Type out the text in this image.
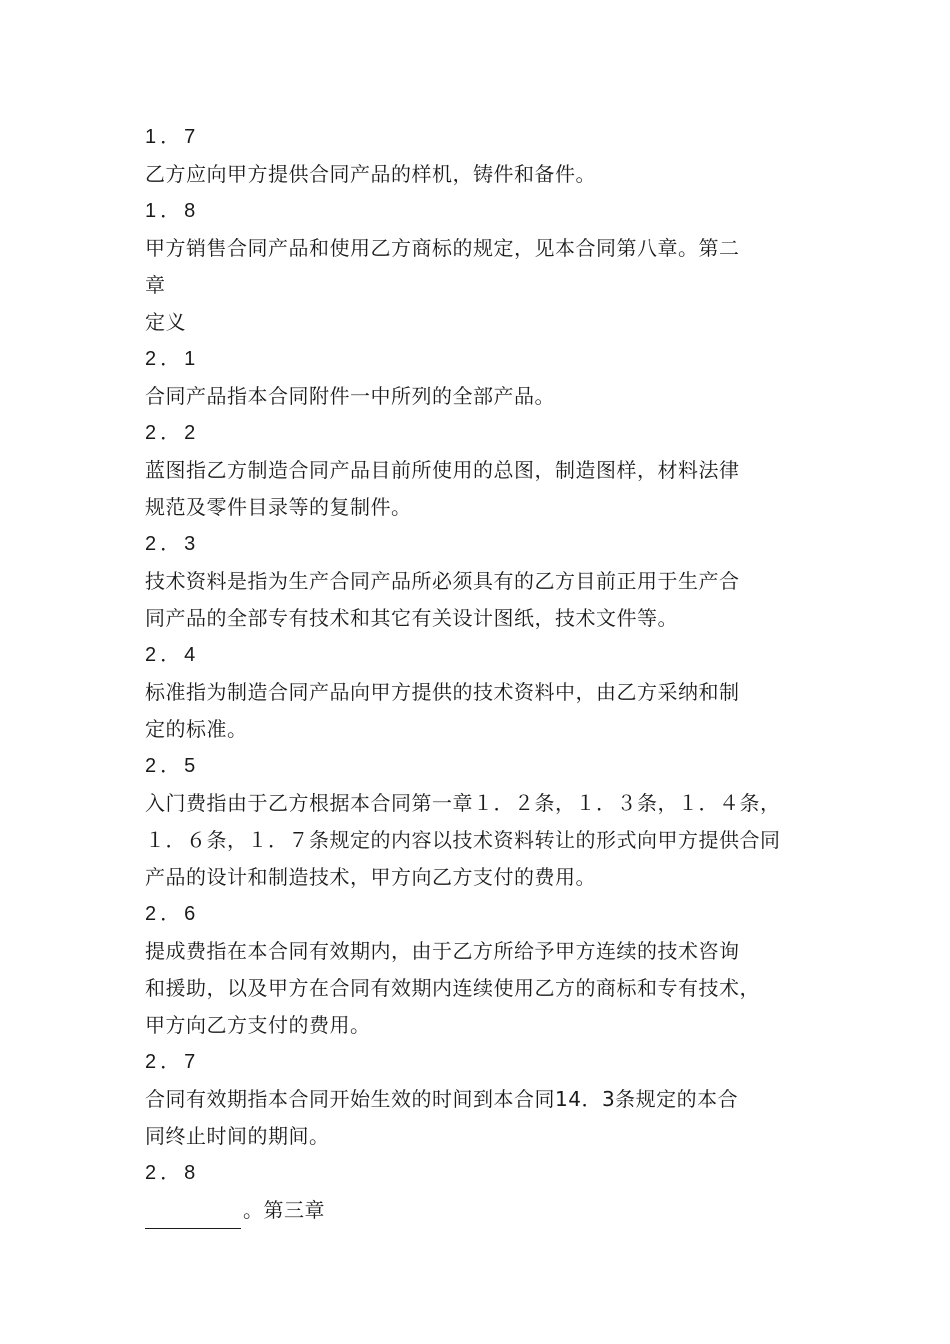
1．7
乙方应向甲方提供合同产品的样机，铸件和备件。
1．8
甲方销售合同产品和使用乙方商标的规定，见本合同第八章。第二
章
定义
2．1
合同产品指本合同附件一中所列的全部产品。
2．2
蓝图指乙方制造合同产品目前所使用的总图，制造图样，材料法律
规范及零件目录等的复制件。
2．3
技术资料是指为生产合同产品所必须具有的乙方目前正用于生产合
同产品的全部专有技术和其它有关设计图纸，技术文件等。
2．4
标准指为制造合同产品向甲方提供的技术资料中，由乙方采纳和制
定的标准。
2．5
入门费指由于乙方根据本合同第一章１．２条，１．３条，１．４条，
１．６条，１．７条规定的内容以技术资料转让的形式向甲方提供合同
产品的设计和制造技术，甲方向乙方支付的费用。
2．6
提成费指在本合同有效期内，由于乙方所给予甲方连续的技术咨询
和援助，以及甲方在合同有效期内连续使用乙方的商标和专有技术，
甲方向乙方支付的费用。
2．7
合同有效期指本合同开始生效的时间到本合同14．3条规定的本合
同终止时间的期间。
2．8
。第三章
